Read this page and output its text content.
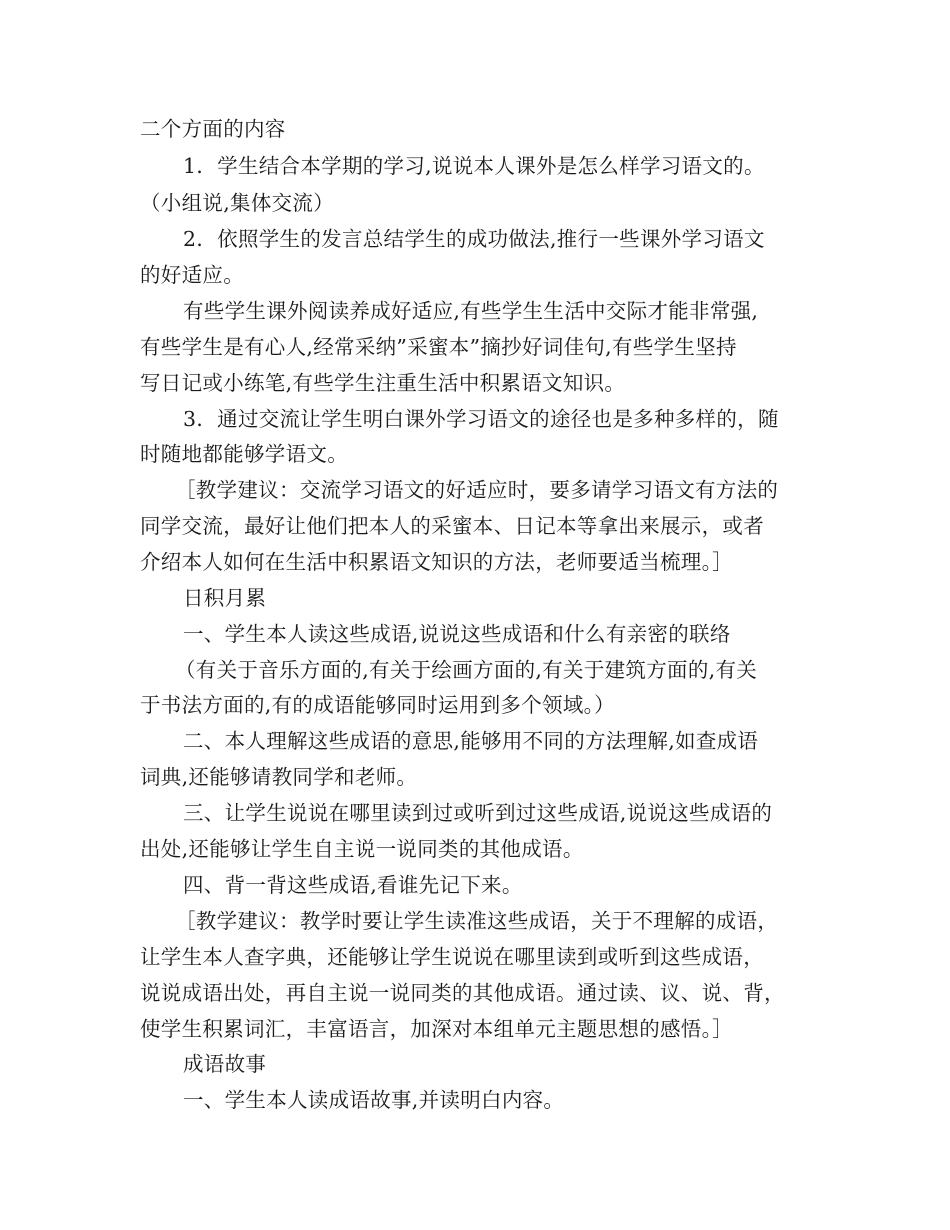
二个方面的内容
1．学生结合本学期的学习,说说本人课外是怎么样学习语文的。
（小组说,集体交流）
2．依照学生的发言总结学生的成功做法,推行一些课外学习语文
的好适应。
有些学生课外阅读养成好适应,有些学生生活中交际才能非常强,
有些学生是有心人,经常采纳”采蜜本”摘抄好词佳句,有些学生坚持
写日记或小练笔,有些学生注重生活中积累语文知识。
3．通过交流让学生明白课外学习语文的途径也是多种多样的，随
时随地都能够学语文。
［教学建议：交流学习语文的好适应时，要多请学习语文有方法的
同学交流，最好让他们把本人的采蜜本、日记本等拿出来展示，或者
介绍本人如何在生活中积累语文知识的方法，老师要适当梳理。］
日积月累
一、学生本人读这些成语,说说这些成语和什么有亲密的联络
（有关于音乐方面的,有关于绘画方面的,有关于建筑方面的,有关
于书法方面的,有的成语能够同时运用到多个领域。）
二、本人理解这些成语的意思,能够用不同的方法理解,如查成语
词典,还能够请教同学和老师。
三、让学生说说在哪里读到过或听到过这些成语,说说这些成语的
出处,还能够让学生自主说一说同类的其他成语。
四、背一背这些成语,看谁先记下来。
［教学建议：教学时要让学生读准这些成语，关于不理解的成语，
让学生本人查字典，还能够让学生说说在哪里读到或听到这些成语，
说说成语出处，再自主说一说同类的其他成语。通过读、议、说、背，
使学生积累词汇，丰富语言，加深对本组单元主题思想的感悟。］
成语故事
一、学生本人读成语故事,并读明白内容。
